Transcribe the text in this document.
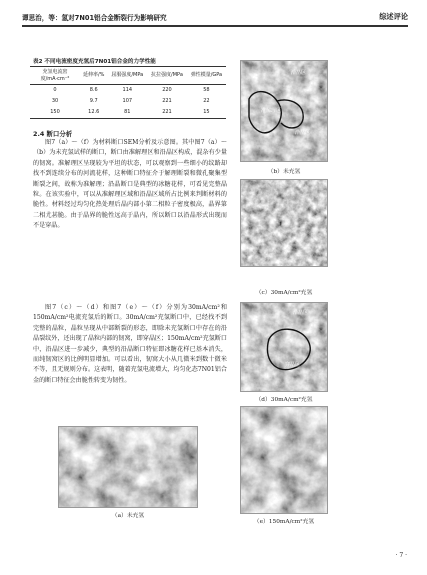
谭思治，等：氢对7N01铝合金断裂行为影响研究	综述评论
表2 不同电流密度充氢后7N01铝合金的力学性能
充氢电流密度/mA·cm⁻²	延伸率/%	屈服强度/MPa	抗拉强度/MPa	弹性模量/GPa
0	8.6	114	220	58
30	9.7	107	221	22
150	12.6	81	221	15
2.4 断口分析
图7（a）～（f）为材料断口SEM分析及示意图。其中图7（a）～（b）为未充氢试样的断口，断口由准解理区和沿晶区构成，混杂有少量的韧窝。准解理区呈现较为平坦的状态，可以观察到一些细小的纹路却找不到连续分布的河流花样，这种断口特征介于解理断裂和微孔聚集型断裂之间，故称为准解理；沿晶断口是典型的冰糖花样，可看见完整晶粒。在该实验中，可以从准解理区域和沿晶区域所占比例来判断材料的脆性。材料经过均匀化热处理后晶内部小第二相粒子密度极高，晶界第二相尤甚脆。由于晶界的脆性远高于晶内，所以断口以沿晶形式出现而不是穿晶。
图7（c）～（d）和图7（e）～（f）分别为30mA/cm²和150mA/cm²电流充氢后的断口。30mA/cm²充氢断口中，已经找不到完整的晶粒，晶粒呈现从中部断裂的形态，即除未充氢断口中存在的沿晶裂纹外，还出现了晶粒内部的韧窝，即穿晶区；150mA/cm²充氢断口中，沿晶区进一步减少，典型的沿晶断口特征即冰糖花样已基本消失，而纯韧窝区的比例明显增加。可以看出，韧窝大小从几微米到数十微米不等，且无规则分布。这表明，随着充氢电流增大，均匀化态7N01铝合金的断口特征会由脆性转变为韧性。
（a）未充氢
沿晶区
准解理区
沿晶区
（b）未充氢
（c）30mA/cm²充氢
沿晶区
穿晶区
（d）30mA/cm²充氢
（e）150mA/cm²充氢
· 7 ·
